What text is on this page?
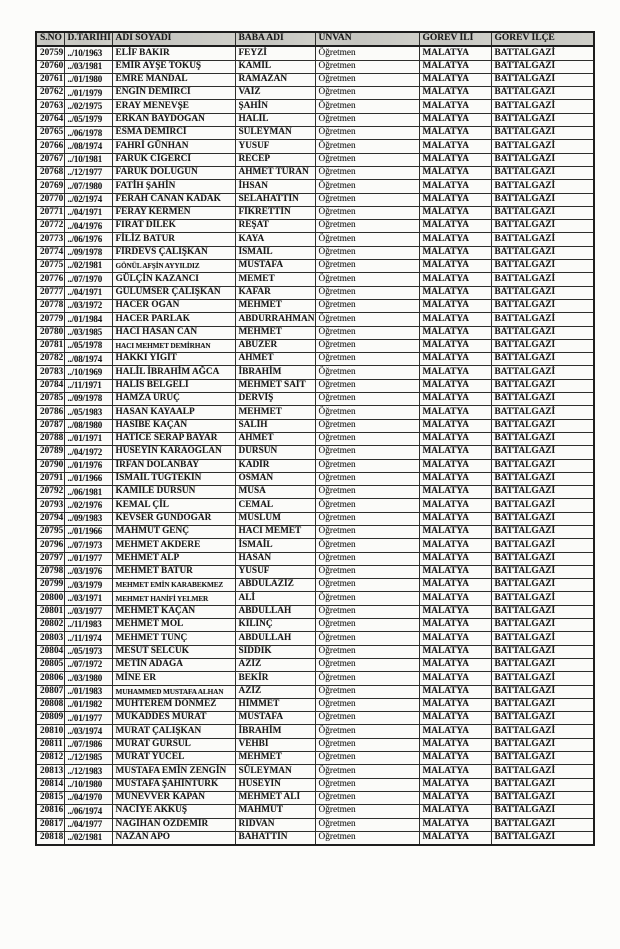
S.NO	D.TARİHİ	ADI SOYADI	BABA ADI	UNVAN	GÖREV İLİ	GÖREV İLÇE
20759	../10/1963	ELİF BAKIR	FEYZİ	Öğretmen	MALATYA	BATTALGAZİ
20760	../03/1981	EMİR AYŞE TOKUŞ	KAMİL	Öğretmen	MALATYA	BATTALGAZİ
20761	../01/1980	EMRE MANDAL	RAMAZAN	Öğretmen	MALATYA	BATTALGAZİ
20762	../01/1979	ENGİN DEMİRCİ	VAİZ	Öğretmen	MALATYA	BATTALGAZİ
20763	../02/1975	ERAY MENEVŞE	ŞAHİN	Öğretmen	MALATYA	BATTALGAZİ
20764	../05/1979	ERKAN BAYDOĞAN	HALİL	Öğretmen	MALATYA	BATTALGAZİ
20765	../06/1978	ESMA DEMİRCİ	SÜLEYMAN	Öğretmen	MALATYA	BATTALGAZİ
20766	../08/1974	FAHRİ GÜNHAN	YUSUF	Öğretmen	MALATYA	BATTALGAZİ
20767	../10/1981	FARUK CİĞERCİ	RECEP	Öğretmen	MALATYA	BATTALGAZİ
20768	../12/1977	FARUK DOLUGÜN	AHMET TURAN	Öğretmen	MALATYA	BATTALGAZİ
20769	../07/1980	FATİH ŞAHİN	İHSAN	Öğretmen	MALATYA	BATTALGAZİ
20770	../02/1974	FERAH CANAN KADAK	SELAHATTİN	Öğretmen	MALATYA	BATTALGAZİ
20771	../04/1971	FERAY KERMEN	FİKRETTİN	Öğretmen	MALATYA	BATTALGAZİ
20772	../04/1976	FIRAT DİLEK	REŞAT	Öğretmen	MALATYA	BATTALGAZİ
20773	../06/1976	FİLİZ BATUR	KAYA	Öğretmen	MALATYA	BATTALGAZİ
20774	../09/1978	FİRDEVS ÇALIŞKAN	İSMAİL	Öğretmen	MALATYA	BATTALGAZİ
20775	../02/1981	GÖNÜL AFŞİN AYYILDIZ	MUSTAFA	Öğretmen	MALATYA	BATTALGAZİ
20776	../07/1970	GÜLÇİN KAZANCI	MEMET	Öğretmen	MALATYA	BATTALGAZİ
20777	../04/1971	GÜLÜMSER ÇALIŞKAN	KAFAR	Öğretmen	MALATYA	BATTALGAZİ
20778	../03/1972	HACER OĞAN	MEHMET	Öğretmen	MALATYA	BATTALGAZİ
20779	../01/1984	HACER PARLAK	ABDURRAHMAN	Öğretmen	MALATYA	BATTALGAZİ
20780	../03/1985	HACI HASAN CAN	MEHMET	Öğretmen	MALATYA	BATTALGAZİ
20781	../05/1978	HACI MEHMET DEMİRHAN	ABUZER	Öğretmen	MALATYA	BATTALGAZİ
20782	../08/1974	HAKKI YİĞİT	AHMET	Öğretmen	MALATYA	BATTALGAZİ
20783	../10/1969	HALİL İBRAHİM AĞCA	İBRAHİM	Öğretmen	MALATYA	BATTALGAZİ
20784	../11/1971	HALİS BELGELİ	MEHMET SAİT	Öğretmen	MALATYA	BATTALGAZİ
20785	../09/1978	HAMZA URUÇ	DERVİŞ	Öğretmen	MALATYA	BATTALGAZİ
20786	../05/1983	HASAN KAYAALP	MEHMET	Öğretmen	MALATYA	BATTALGAZİ
20787	../08/1980	HASİBE KAÇAN	SALİH	Öğretmen	MALATYA	BATTALGAZİ
20788	../01/1971	HATİCE SERAP BAYAR	AHMET	Öğretmen	MALATYA	BATTALGAZİ
20789	../04/1972	HÜSEYİN KARAOĞLAN	DURSUN	Öğretmen	MALATYA	BATTALGAZİ
20790	../01/1976	İRFAN DOLANBAY	KADİR	Öğretmen	MALATYA	BATTALGAZİ
20791	../01/1966	İSMAİL TUĞTEKİN	OSMAN	Öğretmen	MALATYA	BATTALGAZİ
20792	../06/1981	KAMİLE DURSUN	MUSA	Öğretmen	MALATYA	BATTALGAZİ
20793	../02/1976	KEMAL ÇİL	CEMAL	Öğretmen	MALATYA	BATTALGAZİ
20794	../09/1983	KEVSER GÜNDOĞAR	MÜSLÜM	Öğretmen	MALATYA	BATTALGAZİ
20795	../01/1966	MAHMUT GENÇ	HACI MEMET	Öğretmen	MALATYA	BATTALGAZİ
20796	../07/1973	MEHMET AKDERE	İSMAİL	Öğretmen	MALATYA	BATTALGAZİ
20797	../01/1977	MEHMET ALP	HASAN	Öğretmen	MALATYA	BATTALGAZİ
20798	../03/1976	MEHMET BATUR	YUSUF	Öğretmen	MALATYA	BATTALGAZİ
20799	../03/1979	MEHMET EMİN KARABEKMEZ	ABDULAZİZ	Öğretmen	MALATYA	BATTALGAZİ
20800	../03/1971	MEHMET HANİFİ YELMER	ALİ	Öğretmen	MALATYA	BATTALGAZİ
20801	../03/1977	MEHMET KAÇAN	ABDULLAH	Öğretmen	MALATYA	BATTALGAZİ
20802	../11/1983	MEHMET MOL	KILINÇ	Öğretmen	MALATYA	BATTALGAZİ
20803	../11/1974	MEHMET TUNÇ	ABDULLAH	Öğretmen	MALATYA	BATTALGAZİ
20804	../05/1973	MESUT SELCUK	SIDDIK	Öğretmen	MALATYA	BATTALGAZİ
20805	../07/1972	METİN ADAĞA	AZİZ	Öğretmen	MALATYA	BATTALGAZİ
20806	../03/1980	MİNE ER	BEKİR	Öğretmen	MALATYA	BATTALGAZİ
20807	../01/1983	MUHAMMED MUSTAFA ALHAN	AZİZ	Öğretmen	MALATYA	BATTALGAZİ
20808	../01/1982	MUHTEREM DÖNMEZ	HİMMET	Öğretmen	MALATYA	BATTALGAZİ
20809	../01/1977	MUKADDES MURAT	MUSTAFA	Öğretmen	MALATYA	BATTALGAZİ
20810	../03/1974	MURAT ÇALIŞKAN	İBRAHİM	Öğretmen	MALATYA	BATTALGAZİ
20811	../07/1986	MURAT GÜRSUL	VEHBİ	Öğretmen	MALATYA	BATTALGAZİ
20812	../12/1985	MURAT YÜCEL	MEHMET	Öğretmen	MALATYA	BATTALGAZİ
20813	../12/1983	MUSTAFA EMİN ZENGİN	SÜLEYMAN	Öğretmen	MALATYA	BATTALGAZİ
20814	../10/1980	MUSTAFA ŞAHİNTÜRK	HÜSEYİN	Öğretmen	MALATYA	BATTALGAZİ
20815	../04/1970	MÜNEVVER KAPAN	MEHMET ALİ	Öğretmen	MALATYA	BATTALGAZİ
20816	../06/1974	NACİYE AKKUŞ	MAHMUT	Öğretmen	MALATYA	BATTALGAZİ
20817	../04/1977	NAGİHAN ÖZDEMİR	RIDVAN	Öğretmen	MALATYA	BATTALGAZİ
20818	../02/1981	NAZAN APO	BAHATTİN	Öğretmen	MALATYA	BATTALGAZİ
